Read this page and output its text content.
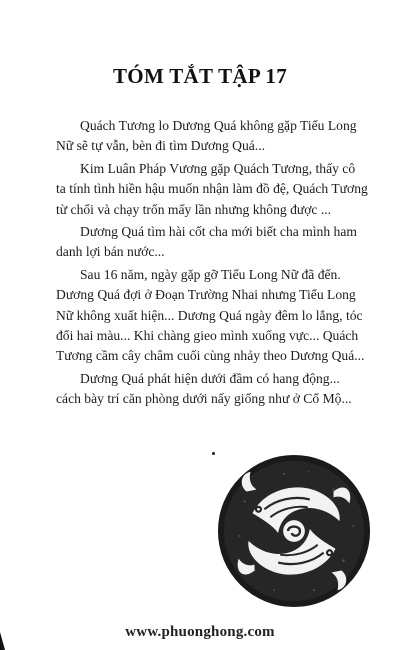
TÓM TẮT TẬP 17

Quách Tương lo Dương Quá không gặp Tiểu Long Nữ sẽ tự vẫn, bèn đi tìm Dương Quá...

Kim Luân Pháp Vương gặp Quách Tương, thấy cô ta tính tình hiền hậu muốn nhận làm đồ đệ, Quách Tương từ chối và chạy trốn mấy lần nhưng không được ...

Dương Quá tìm hài cốt cha mới biết cha mình ham danh lợi bán nước...

Sau 16 năm, ngày gặp gỡ Tiểu Long Nữ đã đến. Dương Quá đợi ở Đoạn Trường Nhai nhưng Tiểu Long Nữ không xuất hiện... Dương Quá ngày đêm lo lắng, tóc đổi hai màu... Khi chàng gieo mình xuống vực... Quách Tương cầm cây châm cuối cùng nhảy theo Dương Quá...

Dương Quá phát hiện dưới đầm có hang động... cách bày trí căn phòng dưới nấy giống như ở Cổ Mộ...

www.phuonghong.com
